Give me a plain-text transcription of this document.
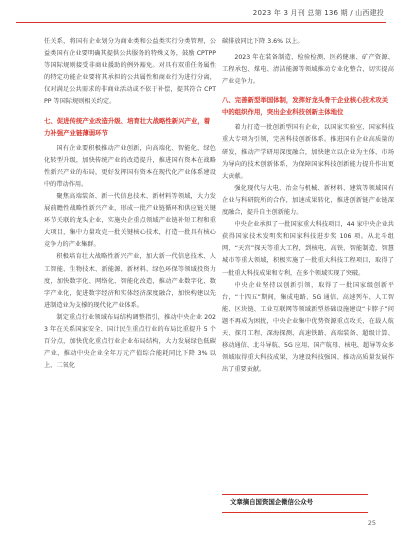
2023 年 3 月刊 总第 136 期 / 山西建投

任关系，将国有企业划分为商业类和公益类实行分类管理，公益类国有企业要明确其提供公共服务的特殊义务，鼓励 CPTPP 等国际规则接受非商业援助的例外豁免。对具有双重任务属性的特定功能企业要将其承担的公共属性和商业行为进行分离，仅对满足公共需求的非商业活动或不依于补偿，提其符合 CPTPP 等国际规则相关约定。

七、促进传统产业改造升级、培育壮大战略性新兴产业，着力补强产业链薄弱环节

国有企业要积极推动产业创新，向高端化、智能化、绿色化转型升级，加快传统产业的改造提升，推进国有资本在战略性新兴产业的布局，更好发挥国有资本在现代化产业体系建设中的带动作用。

聚焦高端装备、新一代信息技术、新材料等领域，大力发展前瞻性战略性新兴产业，形成一批产业链循环和供应链关键环节关联的龙头企业，实施央企重点领域产业链补短工程和重大项目，集中力量攻克一批关键核心技术，打造一批具有核心竞争力的产业集群。

积极培育壮大战略性新兴产业，加大新一代信息技术、人工智能、生物技术、新能源、新材料、绿色环保等领域投资力度，加快数字化、网络化、智能化改造，推动产业数字化、数字产业化，促进数字经济和实体经济深度融合，加快构建以先进制造业为支撑的现代化产业体系。

制定重点行业领域布局结构调整指引，推动中央企业 2023 年在关系国家安全、国计民生重点行业的布局比重提升 5 个百分点，加快优化重点行业企业布局结构，大力发展绿色低碳产业，推动中央企业全年万元产值综合能耗同比下降 3% 以上，二氧化

碳排放同比下降 3.6% 以上。

2023 年在装备制造、检验检测、医药健康、矿产资源、工程承包、煤电、清洁能源等领域推动专业化整合，切实提高产业竞争力。

八、完善新型举国体制，发挥好龙头骨干企业核心技术攻关中的组织作用，突出企业科技创新主体地位

着力打造一批创新型国有企业，以国家实验室、国家科技重大专项为引领，完善科技创新体系。推进国有企业高质量的研发，推动产学研用深度融合，加快建立以企业为主体、市场为导向的技术创新体系，为保障国家科技创新能力提升作出更大贡献。

强化现代与大电、治金与机械、新材料、建筑等领域国有企业与科研院所的合作，加速成果转化，推进创新链产业链深度融合，提升自主创新能力。

中央企业承担了一批国家重大科技项目，44 家中央企业共获得国家技术发明奖和国家科技进步奖 106 项。从北斗组网、“天宫”探天等重大工程，到核电、高铁、智能制造、智慧城市等重大领域，积极实施了一批重大科技工程项目，取得了一批重大科技成果和专利，在多个领域实现了突破。

中央企业坚持以创新引领，取得了一批国家级创新平台，“十四五”期间，集成电路、5G 通信、高速列车、人工智能、区块链、工业互联网等领域新型基础设施建设“卡脖子”问题不再成为困扰，中央企业集中优势资源重点攻关，在载人航天、探月工程、深海探测、高速铁路、高端装备、超级计算、移动通信、北斗导航、5G 应用、国产航母、核电、超导等众多领域取得重大科技成果，为建设科技强国、推动高质量发展作出了重要贡献。

文章摘自国资国企微信公众号
25
